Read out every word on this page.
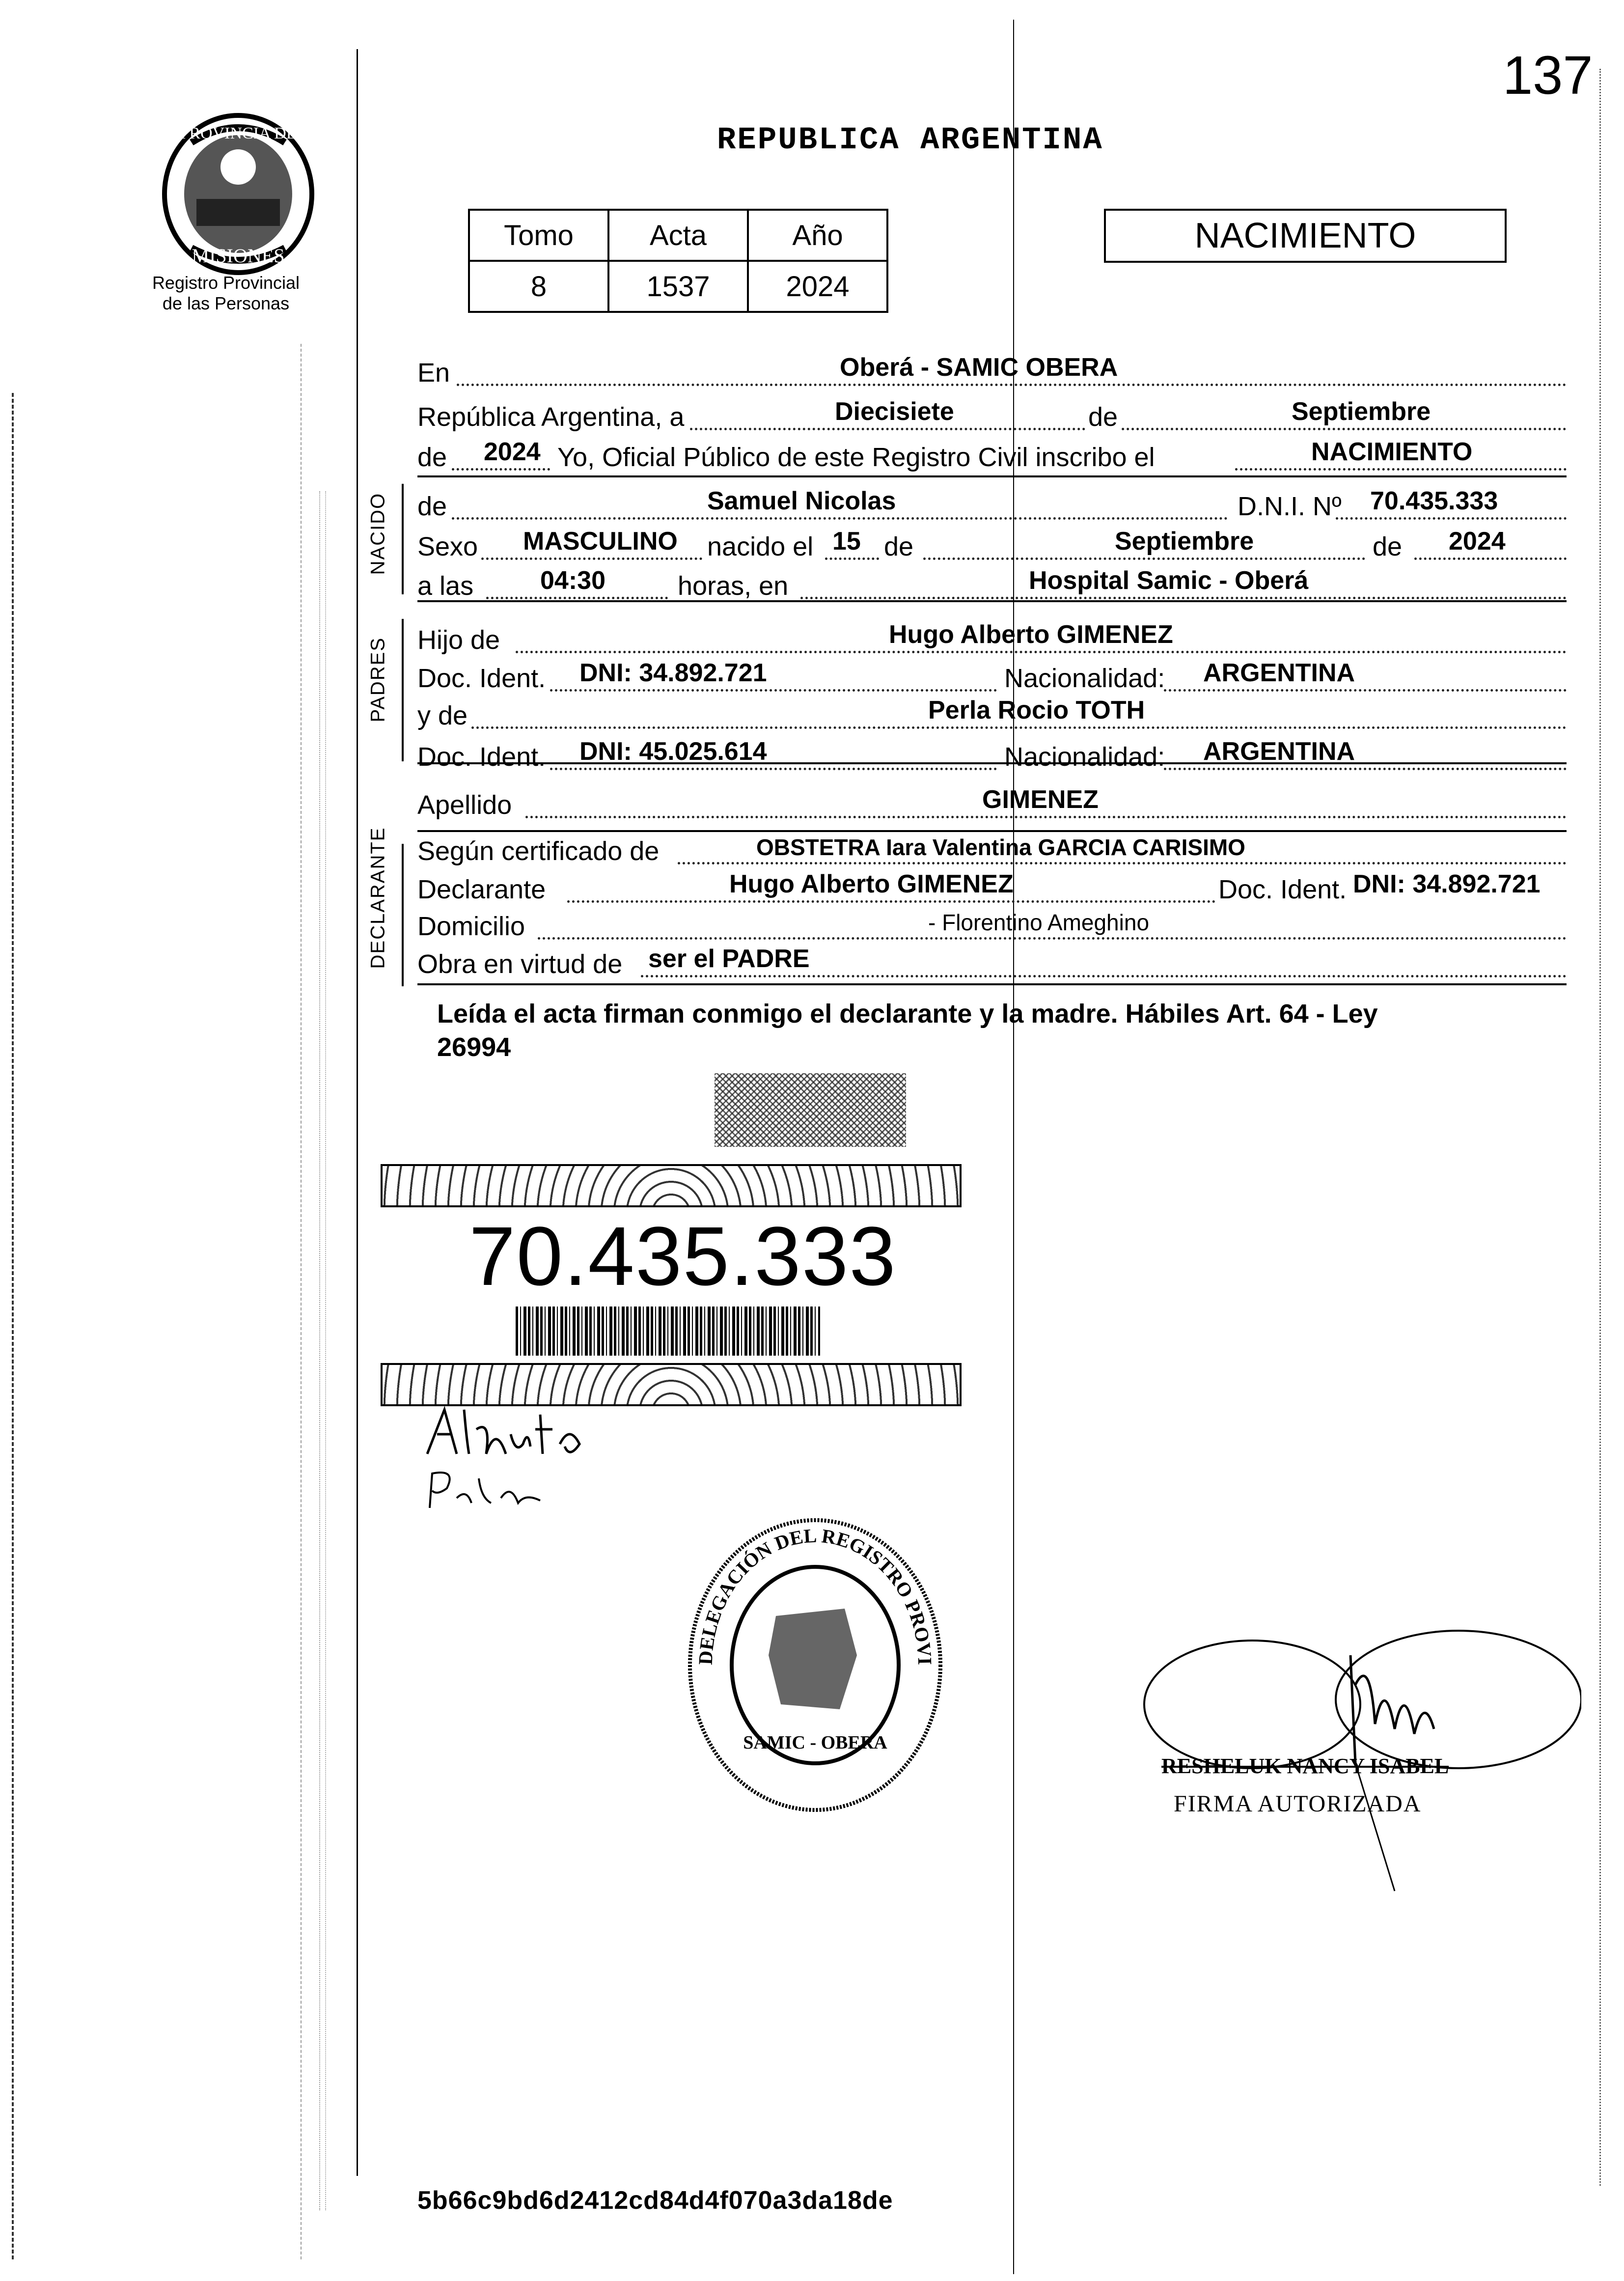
137
PROVINCIA DE
MISIONES
Registro Provincial
de las Personas
REPUBLICA ARGENTINA
Tomo	Acta	Año
8	1537	2024
NACIMIENTO
En	Oberá - SAMIC OBERA
República Argentina, a	Diecisiete	de	Septiembre
de 2024 Yo, Oficial Público de este Registro Civil inscribo el	NACIMIENTO
NACIDO de	Samuel Nicolas	D.N.I. Nº 70.435.333
Sexo MASCULINO nacido el 15 de	Septiembre	de 2024
a las	04:30	horas, en	Hospital Samic - Oberá
PADRES Hijo de	Hugo Alberto GIMENEZ
Doc. Ident. DNI: 34.892.721	Nacionalidad: ARGENTINA
y de	Perla Rocio TOTH
Doc. Ident. DNI: 45.025.614	Nacionalidad: ARGENTINA
Apellido	GIMENEZ
DECLARANTE Según certificado de	OBSTETRA Iara Valentina GARCIA CARISIMO
Declarante	Hugo Alberto GIMENEZ	Doc. Ident. DNI: 34.892.721
Domicilio	- Florentino Ameghino
Obra en virtud de ser el PADRE
Leída el acta firman conmigo el declarante y la madre. Hábiles Art. 64 - Ley
26994
70.435.333
DELEGACIÓN DEL REGISTRO PROVI
SAMIC - OBERA
RESHELUK NANCY ISABEL
FIRMA AUTORIZADA
5b66c9bd6d2412cd84d4f070a3da18de
